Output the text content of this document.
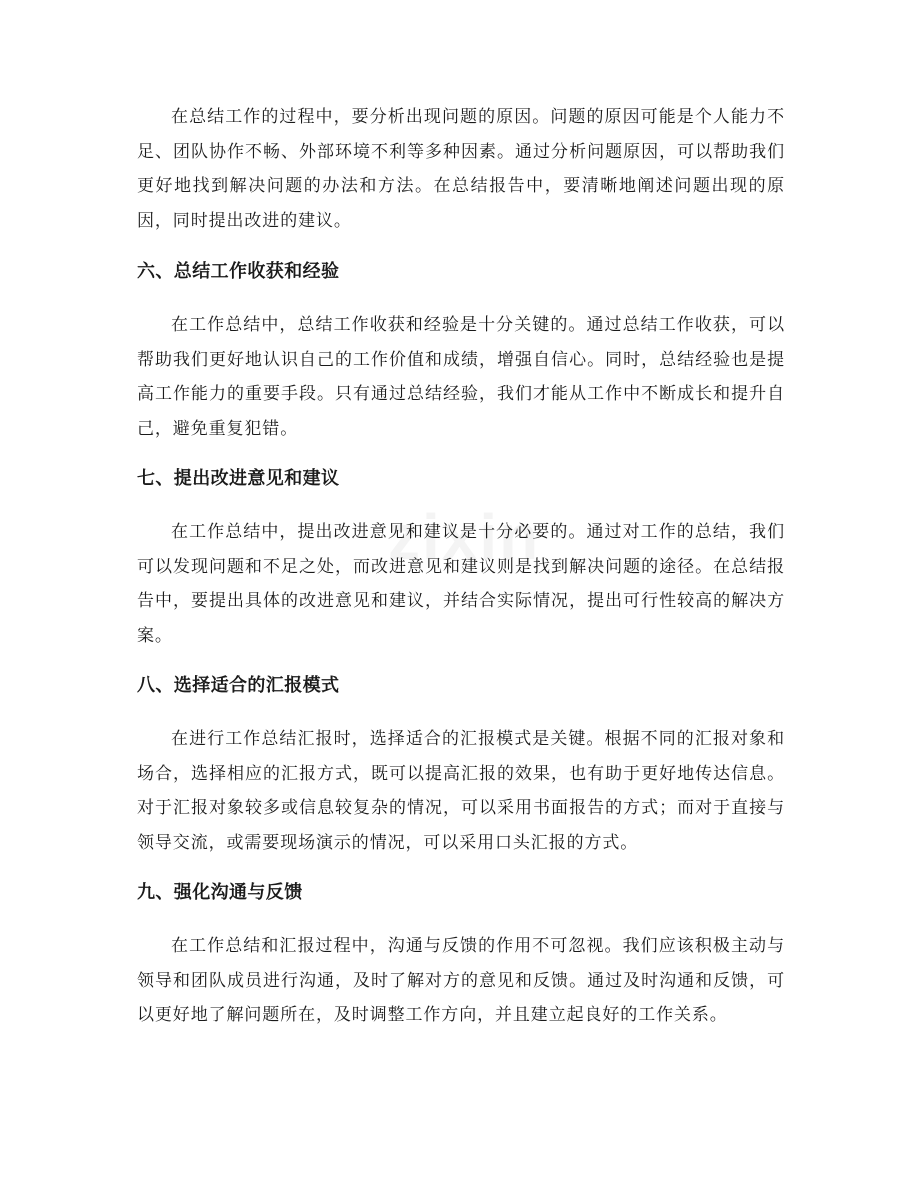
zixin

在总结工作的过程中，要分析出现问题的原因。问题的原因可能是个人能力不足、团队协作不畅、外部环境不利等多种因素。通过分析问题原因，可以帮助我们更好地找到解决问题的办法和方法。在总结报告中，要清晰地阐述问题出现的原因，同时提出改进的建议。

六、总结工作收获和经验

在工作总结中，总结工作收获和经验是十分关键的。通过总结工作收获，可以帮助我们更好地认识自己的工作价值和成绩，增强自信心。同时，总结经验也是提高工作能力的重要手段。只有通过总结经验，我们才能从工作中不断成长和提升自己，避免重复犯错。

七、提出改进意见和建议

在工作总结中，提出改进意见和建议是十分必要的。通过对工作的总结，我们可以发现问题和不足之处，而改进意见和建议则是找到解决问题的途径。在总结报告中，要提出具体的改进意见和建议，并结合实际情况，提出可行性较高的解决方案。

八、选择适合的汇报模式

在进行工作总结汇报时，选择适合的汇报模式是关键。根据不同的汇报对象和场合，选择相应的汇报方式，既可以提高汇报的效果，也有助于更好地传达信息。对于汇报对象较多或信息较复杂的情况，可以采用书面报告的方式；而对于直接与领导交流，或需要现场演示的情况，可以采用口头汇报的方式。

九、强化沟通与反馈

在工作总结和汇报过程中，沟通与反馈的作用不可忽视。我们应该积极主动与领导和团队成员进行沟通，及时了解对方的意见和反馈。通过及时沟通和反馈，可以更好地了解问题所在，及时调整工作方向，并且建立起良好的工作关系。
